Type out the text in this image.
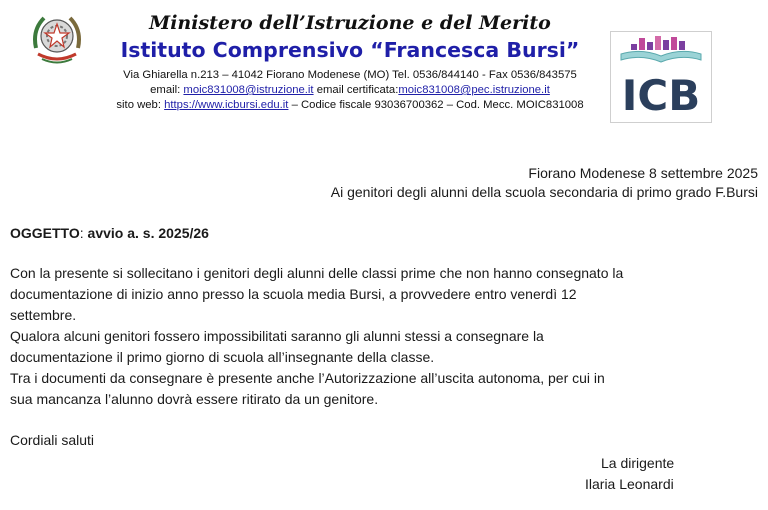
Ministero dell’Istruzione e del Merito
Istituto Comprensivo “Francesca Bursi”
Via Ghiarella n.213 – 41042 Fiorano Modenese (MO) Tel. 0536/844140 - Fax 0536/843575
email: moic831008@istruzione.it email certificata:moic831008@pec.istruzione.it
sito web: https://www.icbursi.edu.it – Codice fiscale 93036700362 – Cod. Mecc. MOIC831008 ICB
Fiorano Modenese 8 settembre 2025
Ai genitori degli alunni della scuola secondaria di primo grado F.Bursi
OGGETTO: avvio a. s. 2025/26
Con la presente si sollecitano i genitori degli alunni delle classi prime che non hanno consegnato la
documentazione di inizio anno presso la scuola media Bursi, a provvedere entro venerdì 12
settembre.
Qualora alcuni genitori fossero impossibilitati saranno gli alunni stessi a consegnare la
documentazione il primo giorno di scuola all’insegnante della classe.
Tra i documenti da consegnare è presente anche l’Autorizzazione all’uscita autonoma, per cui in
sua mancanza l’alunno dovrà essere ritirato da un genitore.
Cordiali saluti
La dirigente
Ilaria Leonardi
